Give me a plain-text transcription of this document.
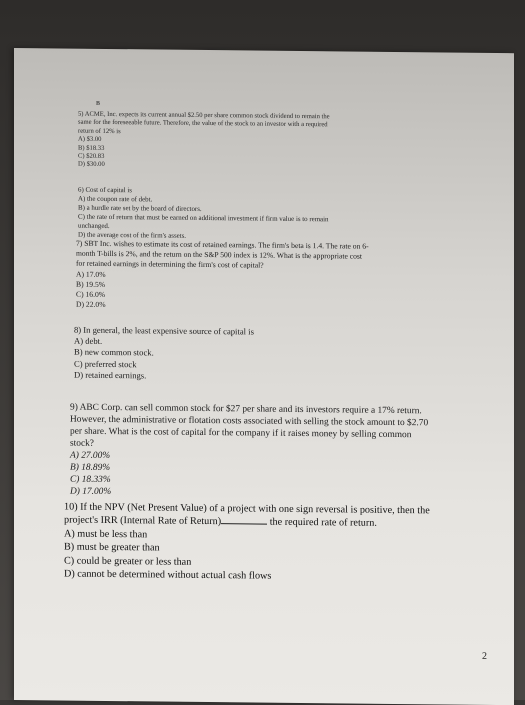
B

5) ACME, Inc. expects its current annual $2.50 per share common stock dividend to remain the

same for the foreseeable future. Therefore, the value of the stock to an investor with a required

return of 12% is

A) $3.00

B) $18.33

C) $20.83

D) $30.00

6) Cost of capital is

A) the coupon rate of debt.

B) a hurdle rate set by the board of directors.

C) the rate of return that must be earned on additional investment if firm value is to remain

unchanged.

D) the average cost of the firm's assets.

7) SBT Inc. wishes to estimate its cost of retained earnings. The firm's beta is 1.4. The rate on 6-

month T-bills is 2%, and the return on the S&P 500 index is 12%. What is the appropriate cost

for retained earnings in determining the firm's cost of capital?

A) 17.0%

B) 19.5%

C) 16.0%

D) 22.0%

8) In general, the least expensive source of capital is

A) debt.

B) new common stock.

C) preferred stock

D) retained earnings.

9) ABC Corp. can sell common stock for $27 per share and its investors require a 17% return.

However, the administrative or flotation costs associated with selling the stock amount to $2.70

per share. What is the cost of capital for the company if it raises money by selling common

stock?

A) 27.00%

B) 18.89%

C) 18.33%

D) 17.00%

10) If the NPV (Net Present Value) of a project with one sign reversal is positive, then the

project's IRR (Internal Rate of Return)	the required rate of return.

A) must be less than

B) must be greater than

C) could be greater or less than

D) cannot be determined without actual cash flows

2
